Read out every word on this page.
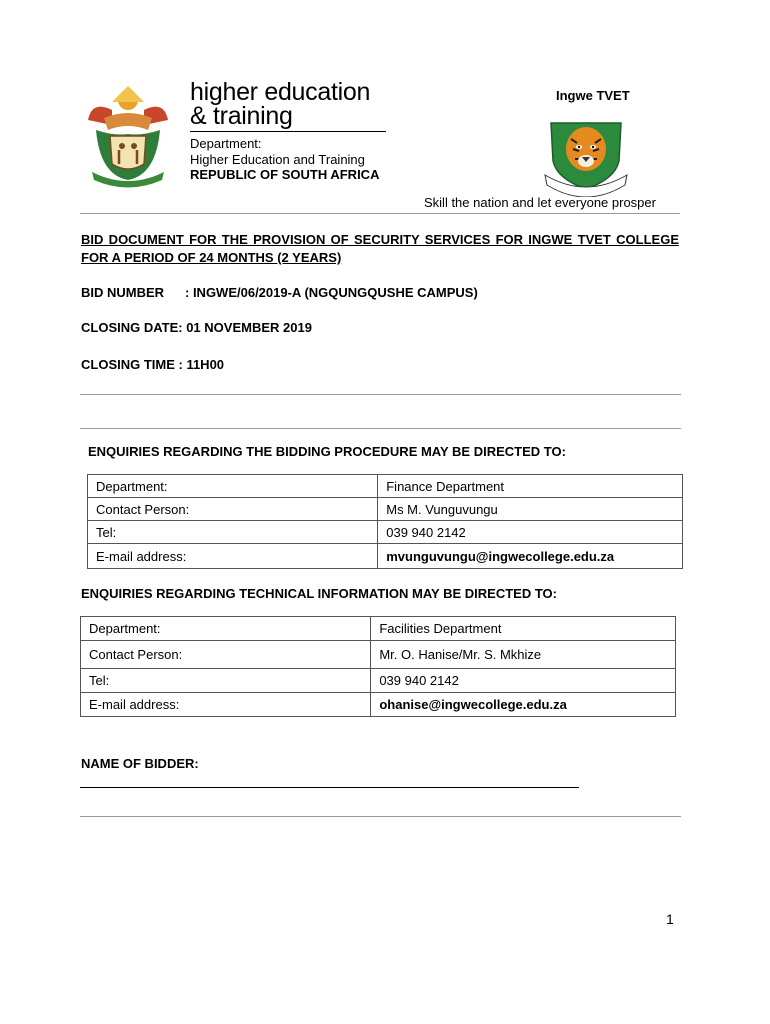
higher education
& training
Department:
Higher Education and Training
REPUBLIC OF SOUTH AFRICA
Ingwe TVET
Skill the nation and let everyone prosper
BID DOCUMENT FOR THE PROVISION OF SECURITY SERVICES FOR INGWE TVET COLLEGE FOR A PERIOD OF 24 MONTHS (2 YEARS)
BID NUMBER : INGWE/06/2019-A (NGQUNGQUSHE CAMPUS)
CLOSING DATE: 01 NOVEMBER 2019
CLOSING TIME : 11H00
ENQUIRIES REGARDING THE BIDDING PROCEDURE MAY BE DIRECTED TO:
Department:	Finance Department
Contact Person:	Ms M. Vunguvungu
Tel:	039 940 2142
E-mail address:	mvunguvungu@ingwecollege.edu.za
ENQUIRIES REGARDING TECHNICAL INFORMATION MAY BE DIRECTED TO:
Department:	Facilities Department
Contact Person:	Mr. O. Hanise/Mr. S. Mkhize
Tel:	039 940 2142
E-mail address:	ohanise@ingwecollege.edu.za
NAME OF BIDDER:
1
